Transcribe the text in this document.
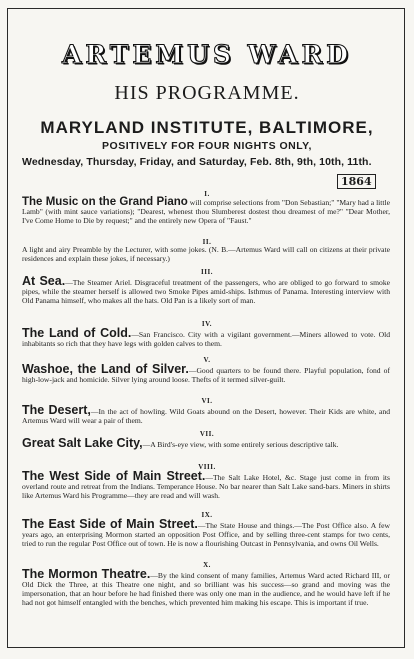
ARTEMUS WARD
HIS PROGRAMME.
MARYLAND INSTITUTE, BALTIMORE,
POSITIVELY FOR FOUR NIGHTS ONLY,
Wednesday, Thursday, Friday, and Saturday, Feb. 8th, 9th, 10th, 11th.
1864
I.
The Music on the Grand Piano will comprise selections from "Don Sebastian;" "Mary had a little Lamb" (with mint sauce variations); "Dearest, whenest thou Slumberest dostest thou dreamest of me?" "Dear Mother, I've Come Home to Die by request;" and the entirely new Opera of "Faust."
II.
A light and airy Preamble by the Lecturer, with some jokes. (N. B.—Artemus Ward will call on citizens at their private residences and explain these jokes, if necessary.)
III.
At Sea.—The Steamer Ariel. Disgraceful treatment of the passengers, who are obliged to go forward to smoke pipes, while the steamer herself is allowed two Smoke Pipes amid-ships. Isthmus of Panama. Interesting interview with Old Panama himself, who makes all the hats. Old Pan is a likely sort of man.
IV.
The Land of Cold.—San Francisco. City with a vigilant government.—Miners allowed to vote. Old inhabitants so rich that they have legs with golden calves to them.
V.
Washoe, the Land of Silver.—Good quarters to be found there. Playful population, fond of high-low-jack and homicide. Silver lying around loose. Thefts of it termed silver-guilt.
VI.
The Desert,—In the act of howling. Wild Goats abound on the Desert, however. Their Kids are white, and Artemus Ward will wear a pair of them.
VII.
Great Salt Lake City,—A Bird's-eye view, with some entirely serious descriptive talk.
VIII.
The West Side of Main Street.—The Salt Lake Hotel, &c. Stage just come in from its overland route and retreat from the Indians. Temperance House. No bar nearer than Salt Lake sand-bars. Miners in shirts like Artemus Ward his Programme—they are read and will wash.
IX.
The East Side of Main Street.—The State House and things.—The Post Office also. A few years ago, an enterprising Mormon started an opposition Post Office, and by selling three-cent stamps for two cents, tried to run the regular Post Office out of town. He is now a flourishing Outcast in Pennsylvania, and owns Oil Wells.
X.
The Mormon Theatre.—By the kind consent of many families, Artemus Ward acted Richard III, or Old Dick the Three, at this Theatre one night, and so brilliant was his success—so grand and moving was the impersonation, that an hour before he had finished there was only one man in the audience, and he would have left if he had not got himself entangled with the benches, which prevented him making his escape. This is important if true.
